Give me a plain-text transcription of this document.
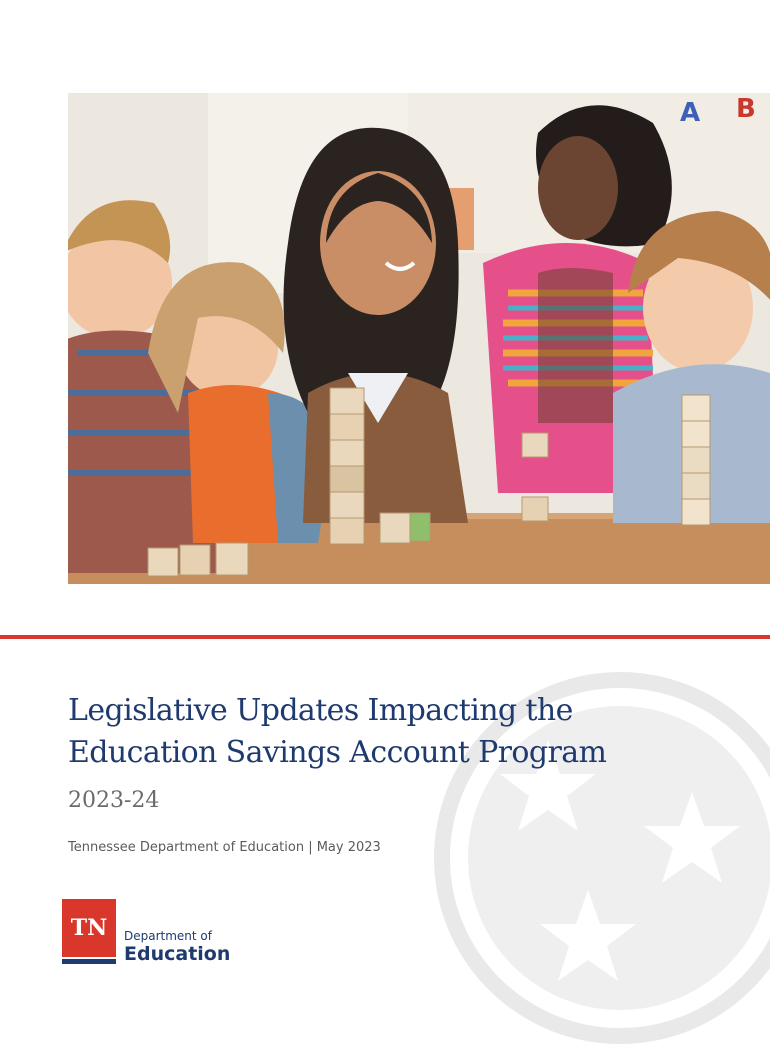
A B
Legislative Updates Impacting the Education Savings Account Program

2023-24

Tennessee Department of Education | May 2023

TN	Department of
Education
